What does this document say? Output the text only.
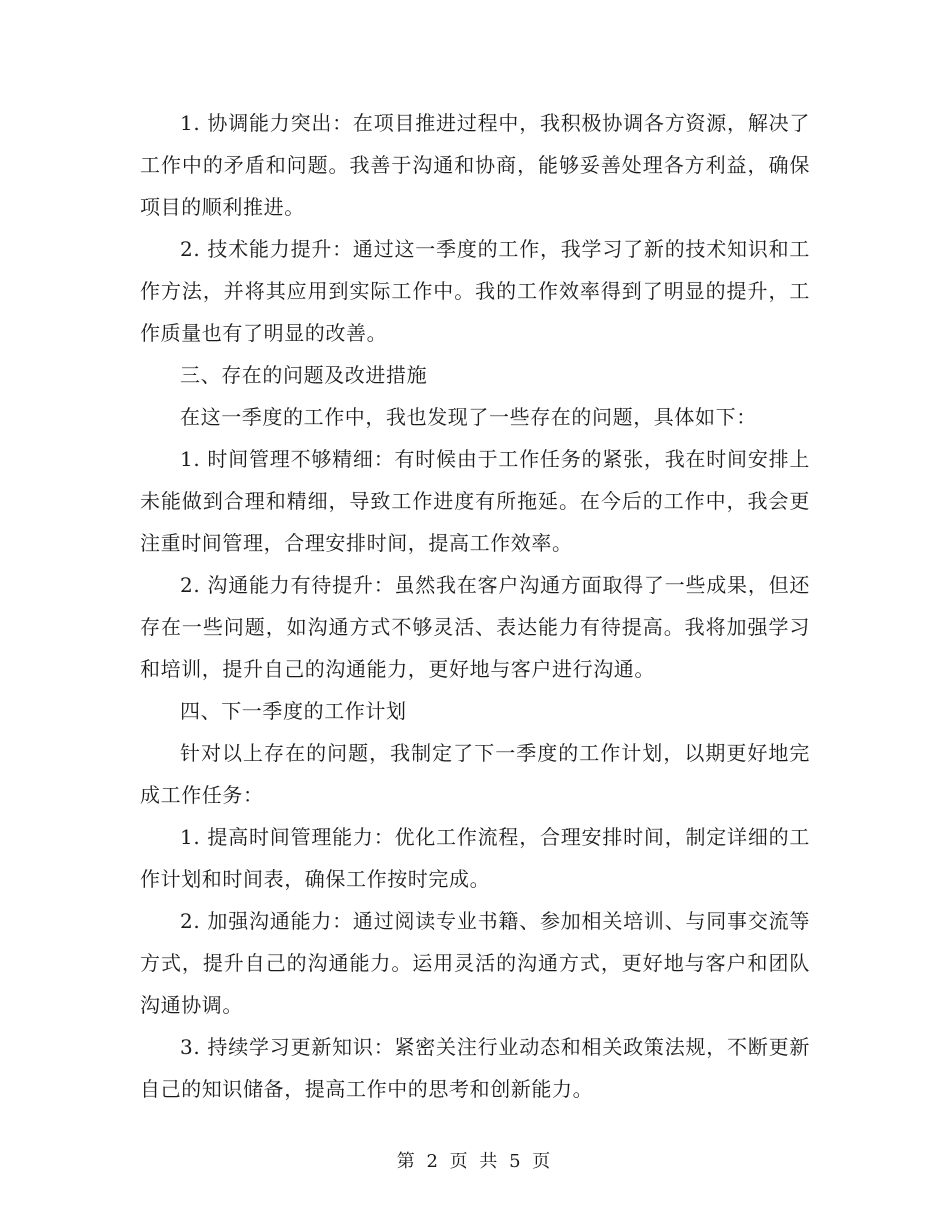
1. 协调能力突出：在项目推进过程中，我积极协调各方资源，解决了工作中的矛盾和问题。我善于沟通和协商，能够妥善处理各方利益，确保项目的顺利推进。

2. 技术能力提升：通过这一季度的工作，我学习了新的技术知识和工作方法，并将其应用到实际工作中。我的工作效率得到了明显的提升，工作质量也有了明显的改善。

三、存在的问题及改进措施

在这一季度的工作中，我也发现了一些存在的问题，具体如下：

1. 时间管理不够精细：有时候由于工作任务的紧张，我在时间安排上未能做到合理和精细，导致工作进度有所拖延。在今后的工作中，我会更注重时间管理，合理安排时间，提高工作效率。

2. 沟通能力有待提升：虽然我在客户沟通方面取得了一些成果，但还存在一些问题，如沟通方式不够灵活、表达能力有待提高。我将加强学习和培训，提升自己的沟通能力，更好地与客户进行沟通。

四、下一季度的工作计划

针对以上存在的问题，我制定了下一季度的工作计划，以期更好地完成工作任务：

1. 提高时间管理能力：优化工作流程，合理安排时间，制定详细的工作计划和时间表，确保工作按时完成。

2. 加强沟通能力：通过阅读专业书籍、参加相关培训、与同事交流等方式，提升自己的沟通能力。运用灵活的沟通方式，更好地与客户和团队沟通协调。

3. 持续学习更新知识：紧密关注行业动态和相关政策法规，不断更新自己的知识储备，提高工作中的思考和创新能力。

第 2 页 共 5 页
